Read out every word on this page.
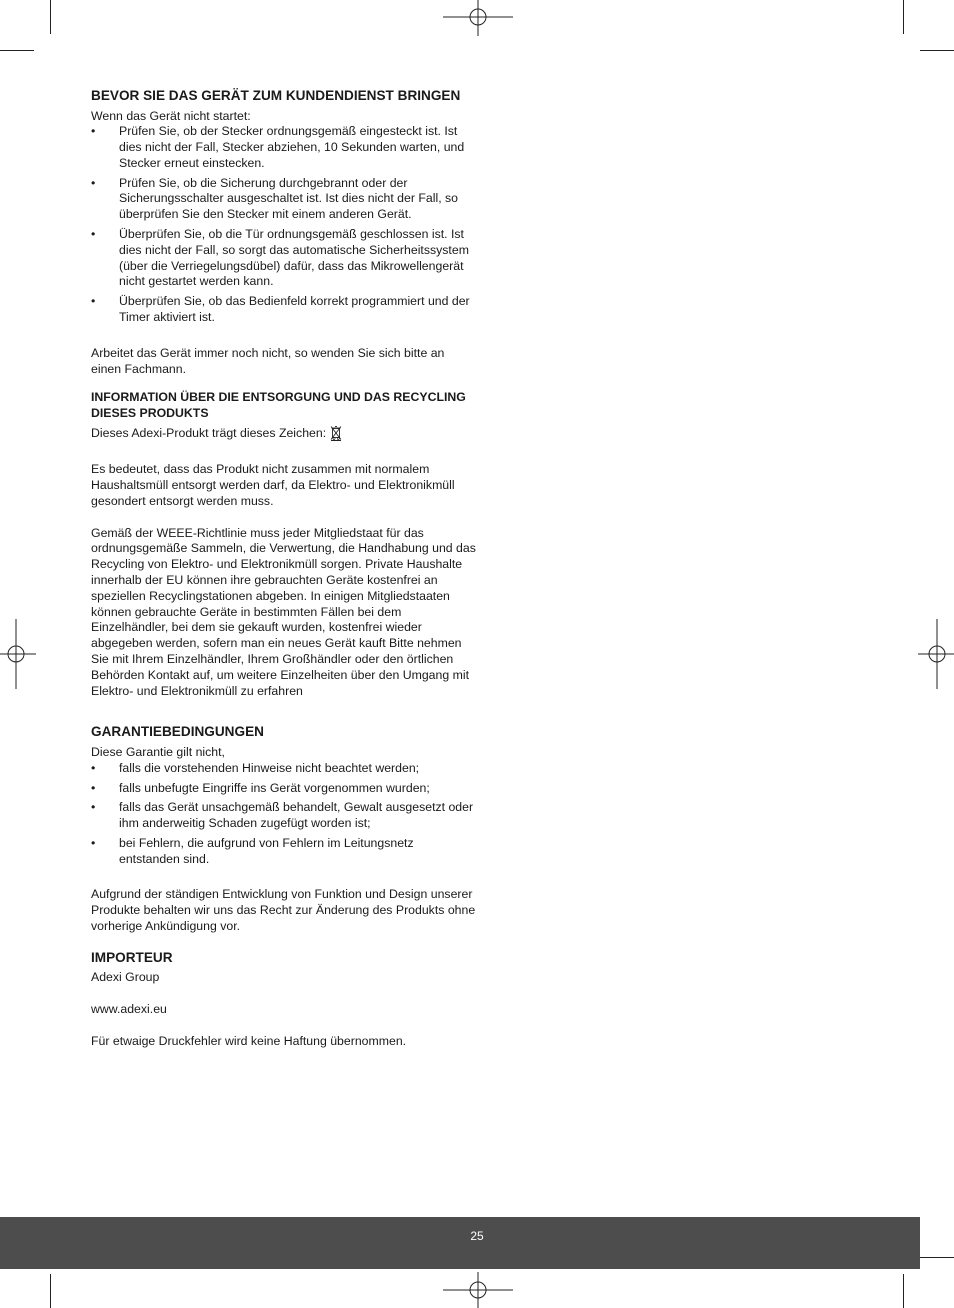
BEVOR SIE DAS GERÄT ZUM KUNDENDIENST BRINGEN

Wenn das Gerät nicht startet:

• Prüfen Sie, ob der Stecker ordnungsgemäß eingesteckt ist. Ist dies nicht der Fall, Stecker abziehen, 10 Sekunden warten, und Stecker erneut einstecken.
• Prüfen Sie, ob die Sicherung durchgebrannt oder der Sicherungsschalter ausgeschaltet ist. Ist dies nicht der Fall, so überprüfen Sie den Stecker mit einem anderen Gerät.
• Überprüfen Sie, ob die Tür ordnungsgemäß geschlossen ist. Ist dies nicht der Fall, so sorgt das automatische Sicherheitssystem (über die Verriegelungsdübel) dafür, dass das Mikrowellengerät nicht gestartet werden kann.
• Überprüfen Sie, ob das Bedienfeld korrekt programmiert und der Timer aktiviert ist.

Arbeitet das Gerät immer noch nicht, so wenden Sie sich bitte an einen Fachmann.

INFORMATION ÜBER DIE ENTSORGUNG UND DAS RECYCLING DIESES PRODUKTS

Dieses Adexi-Produkt trägt dieses Zeichen:

Es bedeutet, dass das Produkt nicht zusammen mit normalem Haushaltsmüll entsorgt werden darf, da Elektro- und Elektronikmüll gesondert entsorgt werden muss.

Gemäß der WEEE-Richtlinie muss jeder Mitgliedstaat für das ordnungsgemäße Sammeln, die Verwertung, die Handhabung und das Recycling von Elektro- und Elektronikmüll sorgen. Private Haushalte innerhalb der EU können ihre gebrauchten Geräte kostenfrei an speziellen Recyclingstationen abgeben. In einigen Mitgliedstaaten können gebrauchte Geräte in bestimmten Fällen bei dem Einzelhändler, bei dem sie gekauft wurden, kostenfrei wieder abgegeben werden, sofern man ein neues Gerät kauft Bitte nehmen Sie mit Ihrem Einzelhändler, Ihrem Großhändler oder den örtlichen Behörden Kontakt auf, um weitere Einzelheiten über den Umgang mit Elektro- und Elektronikmüll zu erfahren

GARANTIEBEDINGUNGEN

Diese Garantie gilt nicht,

• falls die vorstehenden Hinweise nicht beachtet werden;
• falls unbefugte Eingriffe ins Gerät vorgenommen wurden;
• falls das Gerät unsachgemäß behandelt, Gewalt ausgesetzt oder ihm anderweitig Schaden zugefügt worden ist;
• bei Fehlern, die aufgrund von Fehlern im Leitungsnetz entstanden sind.

Aufgrund der ständigen Entwicklung von Funktion und Design unserer Produkte behalten wir uns das Recht zur Änderung des Produkts ohne vorherige Ankündigung vor.

IMPORTEUR

Adexi Group

www.adexi.eu

Für etwaige Druckfehler wird keine Haftung übernommen.

25
